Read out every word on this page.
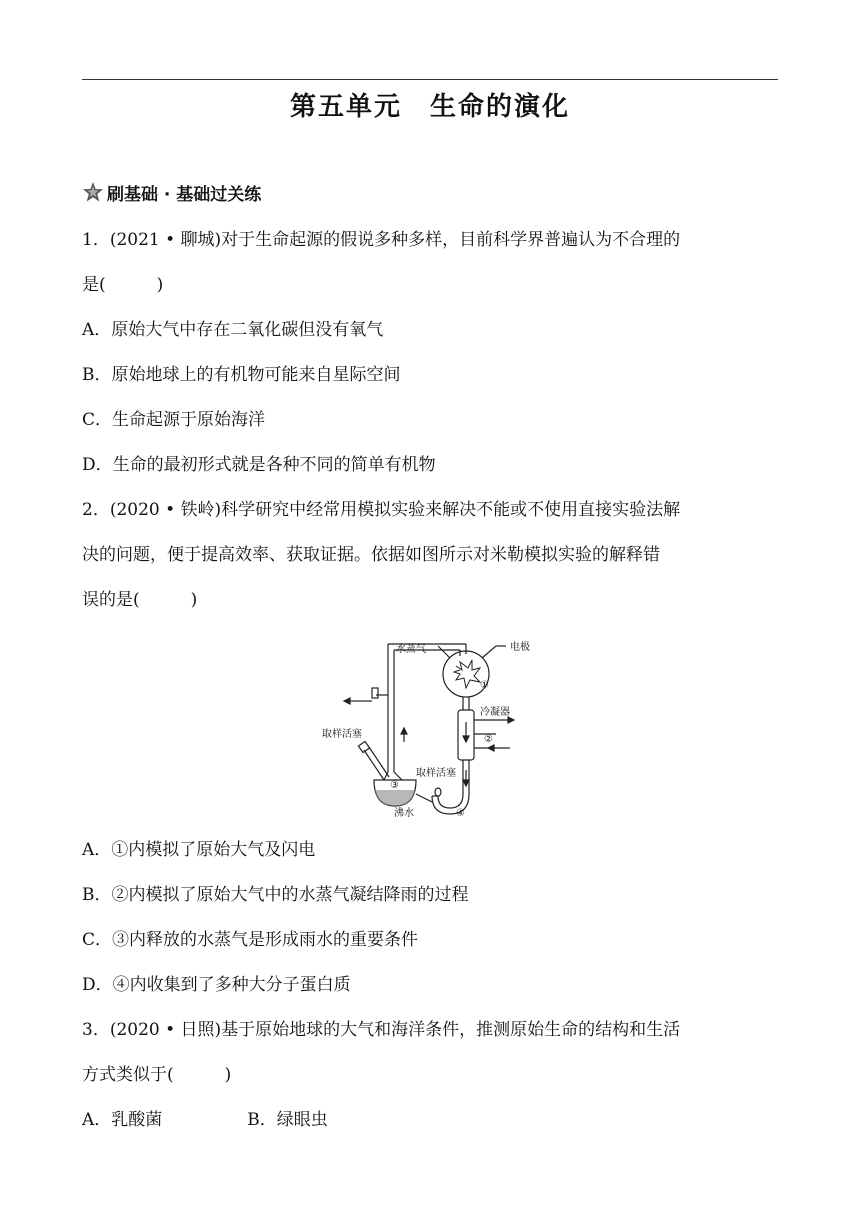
第五单元　生命的演化
刷基础 · 基础过关练
1．(2021 • 聊城)对于生命起源的假说多种多样，目前科学界普遍认为不合理的
是(　　　)
A．原始大气中存在二氧化碳但没有氧气
B．原始地球上的有机物可能来自星际空间
C．生命起源于原始海洋
D．生命的最初形式就是各种不同的简单有机物
2．(2020 • 铁岭)科学研究中经常用模拟实验来解决不能或不使用直接实验法解
决的问题，便于提高效率、获取证据。依据如图所示对米勒模拟实验的解释错
误的是(　　　)
水蒸气	电极
冷凝器
取样活塞
取样活塞
沸水
①
②
③
④
A．①内模拟了原始大气及闪电
B．②内模拟了原始大气中的水蒸气凝结降雨的过程
C．③内释放的水蒸气是形成雨水的重要条件
D．④内收集到了多种大分子蛋白质
3．(2020 • 日照)基于原始地球的大气和海洋条件，推测原始生命的结构和生活
方式类似于(　　　)
A．乳酸菌　　　　　B．绿眼虫
